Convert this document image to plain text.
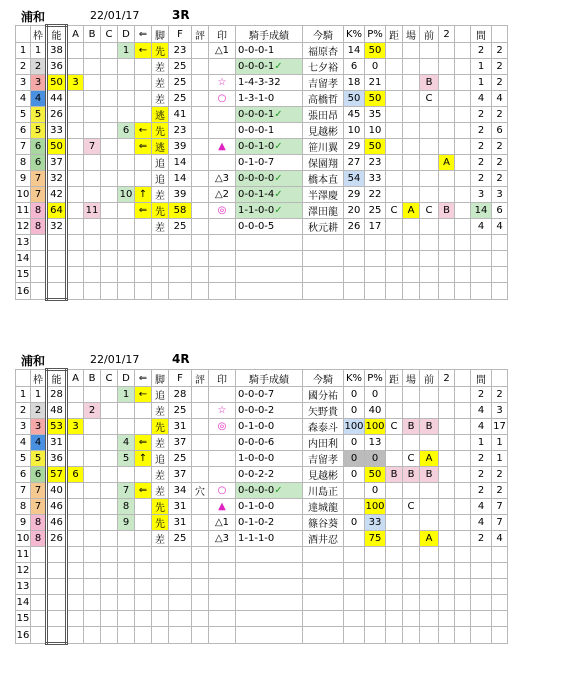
浦和	22/01/17	3R
	枠	能	A	B	C	D	⇐	脚	F	評	印	騎手成績	今騎	K%	P%	距	場	前	2		間	
1	1	38				1	←	先	23		△1	0-0-0-1	福原杏	14	50						2	2
2	2	36						差	25			0-0-0-1✓	七夕裕	6	0						1	2
3	3	50	3					差	25		☆	1-4-3-32	吉留孝	18	21			B			1	2
4	4	44						差	25		○	1-3-1-0	高橋哲	50	50			C			4	4
5	5	26						逃	41			0-0-0-1✓	張田昂	45	35						2	2
6	5	33				6	←	先	23			0-0-0-1	見越彬	10	10						2	6
7	6	50		7			⇐	逃	39		▲	0-0-1-0✓	笹川翼	29	50						2	2
8	6	37						追	14			0-1-0-7	保園翔	27	23				A		2	2
9	7	32						追	14		△3	0-0-0-0✓	橋本直	54	33						2	2
10	7	42				10	↑	差	39		△2	0-0-1-4✓	半澤慶	29	22						3	3
11	8	64		11			⇐	先	58		◎	1-1-0-0✓	澤田龍	20	25	C	A	C	B		14	6
12	8	32						差	25			0-0-0-5	秋元耕	26	17						4	4
13																						
14																						
15																						
16																						
浦和	22/01/17	4R
	枠	能	A	B	C	D	⇐	脚	F	評	印	騎手成績	今騎	K%	P%	距	場	前	2		間	
1	1	28				1	←	追	28			0-0-0-7	國分祐	0	0						2	2
2	2	48		2				差	25		☆	0-0-0-2	矢野貴	0	40						4	3
3	3	53	3					先	31		◎	0-1-0-0	森泰斗	100	100	C	B	B			4	17
4	4	31				4	⇐	差	37			0-0-0-6	内田利	0	13						1	1
5	5	36				5	↑	追	25			1-0-0-0	吉留孝	0	0		C	A			2	1
6	6	57	6					差	37			0-0-2-2	見越彬	0	50	B	B	B			2	2
7	7	40				7	⇐	差	34	穴	○	0-0-0-0✓	川島正		0						2	2
8	7	46				8		先	31		▲	0-1-0-0	達城龍		100		C				4	7
9	8	46				9		先	31		△1	0-1-0-2	篠谷葵	0	33						4	7
10	8	26						差	25		△3	1-1-1-0	酒井忍		75			A			2	4
11																						
12																						
13																						
14																						
15																						
16																						
